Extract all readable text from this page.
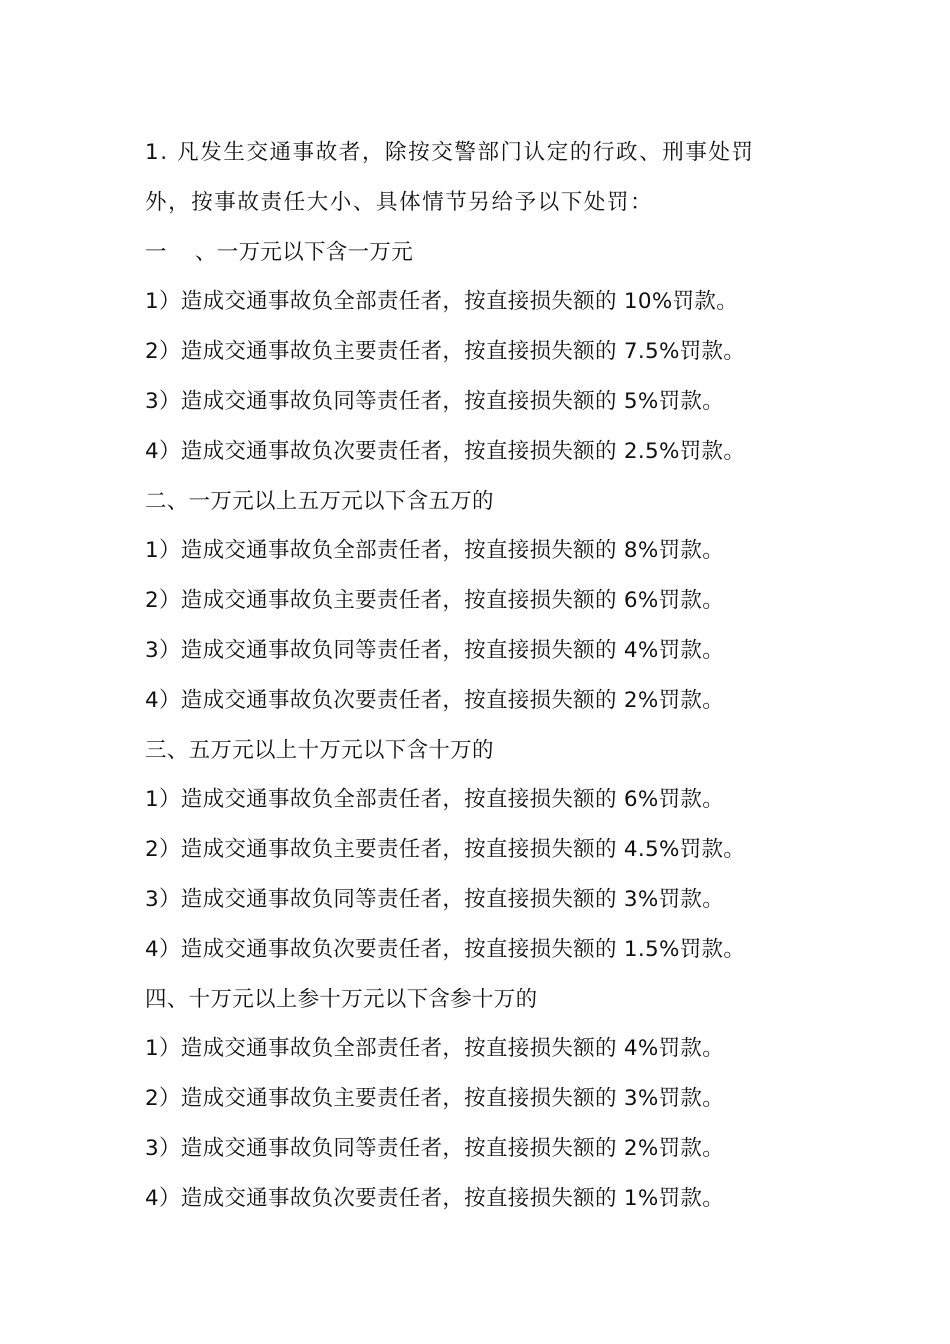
1. 凡发生交通事故者，除按交警部门认定的行政、刑事处罚
外，按事故责任大小、具体情节另给予以下处罚：
一 、一万元以下含一万元
1）造成交通事故负全部责任者，按直接损失额的 10%罚款。
2）造成交通事故负主要责任者，按直接损失额的 7.5%罚款。
3）造成交通事故负同等责任者，按直接损失额的 5%罚款。
4）造成交通事故负次要责任者，按直接损失额的 2.5%罚款。
二、一万元以上五万元以下含五万的
1）造成交通事故负全部责任者，按直接损失额的 8%罚款。
2）造成交通事故负主要责任者，按直接损失额的 6%罚款。
3）造成交通事故负同等责任者，按直接损失额的 4%罚款。
4）造成交通事故负次要责任者，按直接损失额的 2%罚款。
三、五万元以上十万元以下含十万的
1）造成交通事故负全部责任者，按直接损失额的 6%罚款。
2）造成交通事故负主要责任者，按直接损失额的 4.5%罚款。
3）造成交通事故负同等责任者，按直接损失额的 3%罚款。
4）造成交通事故负次要责任者，按直接损失额的 1.5%罚款。
四、十万元以上参十万元以下含参十万的
1）造成交通事故负全部责任者，按直接损失额的 4%罚款。
2）造成交通事故负主要责任者，按直接损失额的 3%罚款。
3）造成交通事故负同等责任者，按直接损失额的 2%罚款。
4）造成交通事故负次要责任者，按直接损失额的 1%罚款。
